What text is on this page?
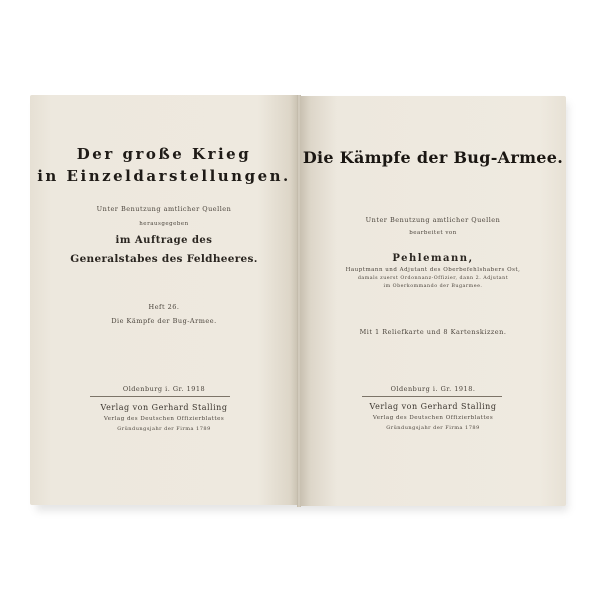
Der große Krieg
in Einzeldarstellungen.
Unter Benutzung amtlicher Quellen
herausgegeben
im Auftrage des
Generalstabes des Feldheeres.
Heft 26.
Die Kämpfe der Bug-Armee.
Oldenburg i. Gr. 1918
Verlag von Gerhard Stalling
Verlag des Deutschen Offizierblattes
Gründungsjahr der Firma 1789
Die Kämpfe der Bug-Armee.
Unter Benutzung amtlicher Quellen
bearbeitet von
Pehlemann,
Hauptmann und Adjutant des Oberbefehlshabers Ost,
damals zuerst Ordonnanz-Offizier, dann 2. Adjutant
im Oberkommando der Bugarmee.
Mit 1 Reliefkarte und 8 Kartenskizzen.
Oldenburg i. Gr. 1918.
Verlag von Gerhard Stalling
Verlag des Deutschen Offizierblattes
Gründungsjahr der Firma 1789
